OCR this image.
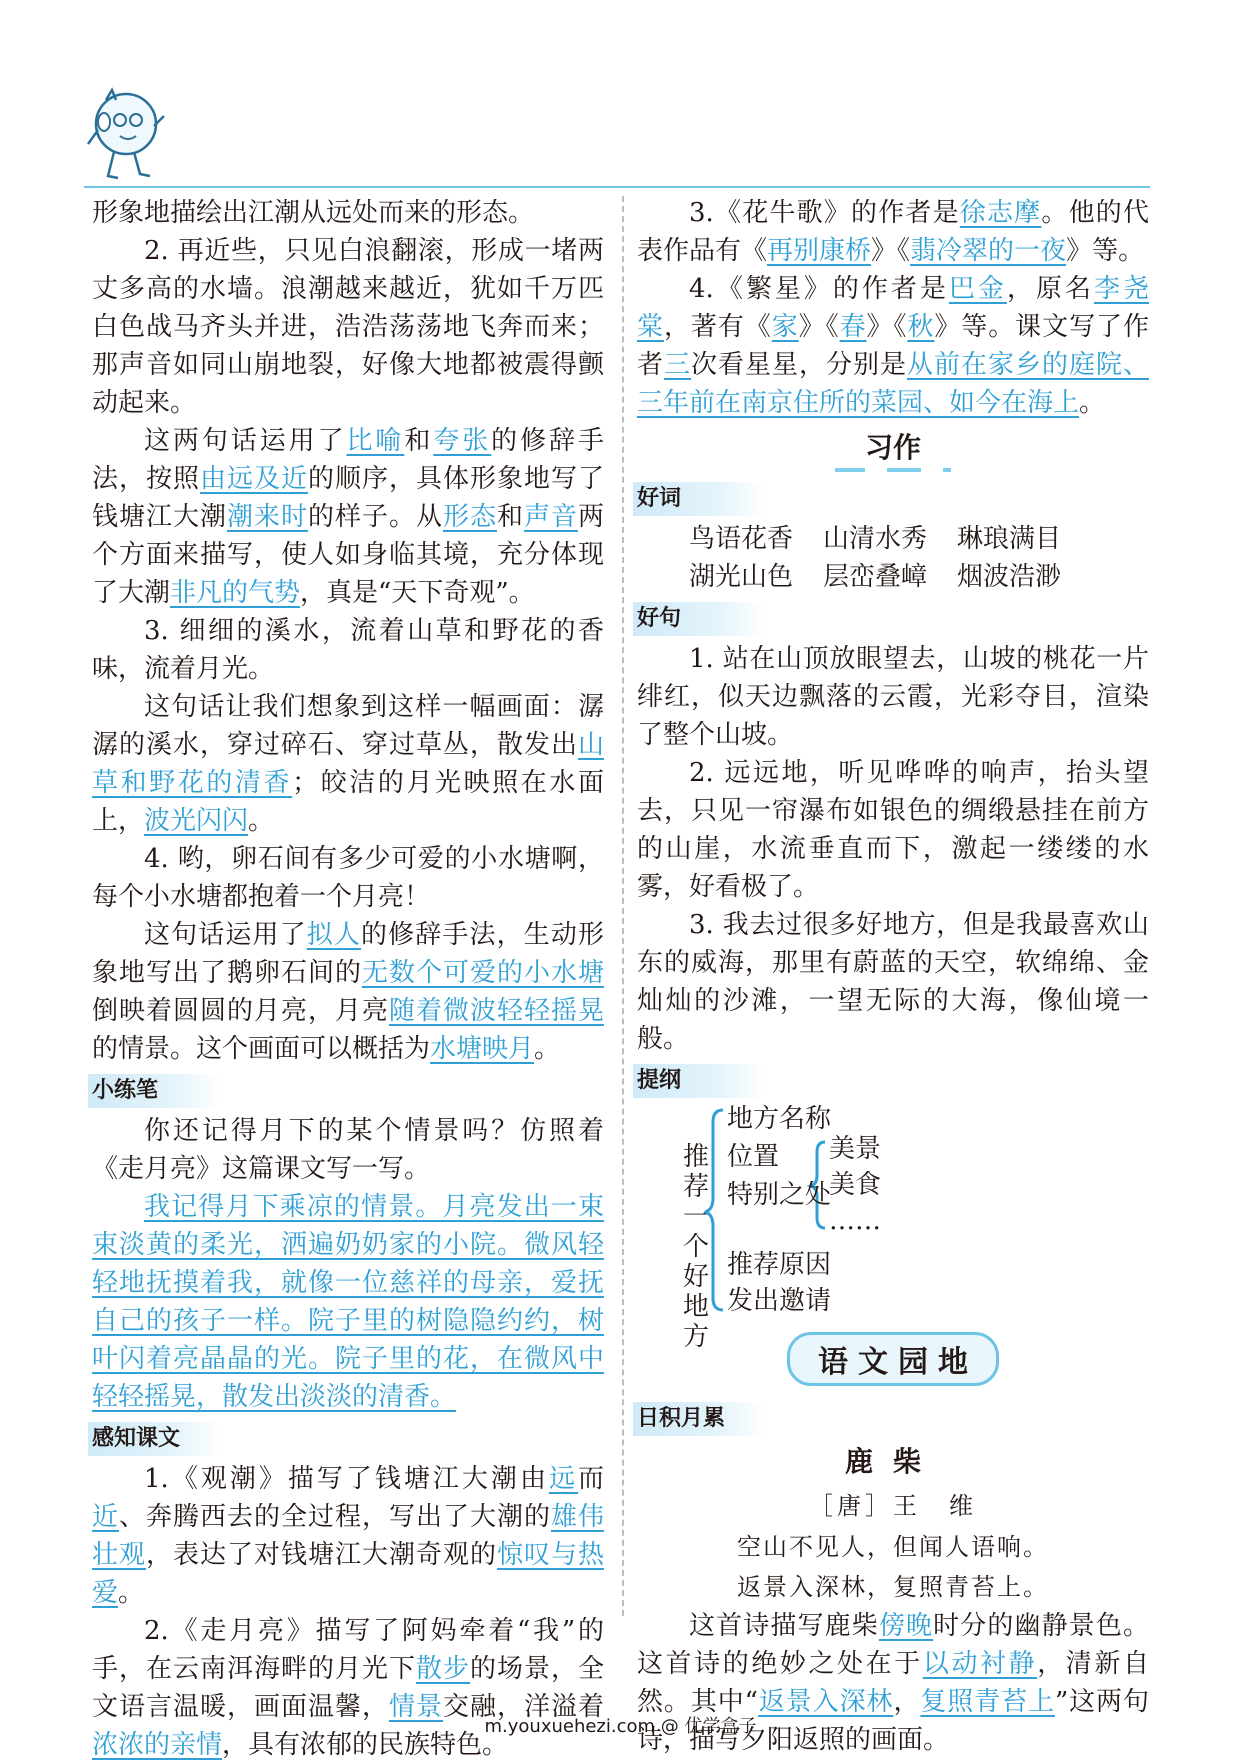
形象地描绘出江潮从远处而来的形态。

2. 再近些，只见白浪翻滚，形成一堵两丈多高的水墙。浪潮越来越近，犹如千万匹白色战马齐头并进，浩浩荡荡地飞奔而来；那声音如同山崩地裂，好像大地都被震得颤动起来。

这两句话运用了比喻和夸张的修辞手法，按照由远及近的顺序，具体形象地写了钱塘江大潮潮来时的样子。从形态和声音两个方面来描写，使人如身临其境，充分体现了大潮非凡的气势，真是“天下奇观”。

3. 细细的溪水，流着山草和野花的香味，流着月光。

这句话让我们想象到这样一幅画面：潺潺的溪水，穿过碎石、穿过草丛，散发出山草和野花的清香；皎洁的月光映照在水面上，波光闪闪。

4. 哟，卵石间有多少可爱的小水塘啊，每个小水塘都抱着一个月亮！

这句话运用了拟人的修辞手法，生动形象地写出了鹅卵石间的无数个可爱的小水塘倒映着圆圆的月亮，月亮随着微波轻轻摇晃的情景。这个画面可以概括为水塘映月。

小练笔

你还记得月下的某个情景吗？仿照着《走月亮》这篇课文写一写。

我记得月下乘凉的情景。月亮发出一束束淡黄的柔光，洒遍奶奶家的小院。微风轻轻地抚摸着我，就像一位慈祥的母亲，爱抚自己的孩子一样。院子里的树隐隐约约，树叶闪着亮晶晶的光。院子里的花，在微风中轻轻摇晃，散发出淡淡的清香。

感知课文

1.《观潮》描写了钱塘江大潮由远而近、奔腾西去的全过程，写出了大潮的雄伟壮观，表达了对钱塘江大潮奇观的惊叹与热爱。

2.《走月亮》描写了阿妈牵着“我”的手，在云南洱海畔的月光下散步的场景，全文语言温暖，画面温馨，情景交融，洋溢着浓浓的亲情，具有浓郁的民族特色。

3.《花牛歌》的作者是徐志摩。他的代表作品有《再别康桥》《翡冷翠的一夜》等。

4.《繁星》的作者是巴金，原名李尧棠，著有《家》《春》《秋》等。课文写了作者三次看星星，分别是从前在家乡的庭院、三年前在南京住所的菜园、如今在海上。

习作
好词
鸟语花香 山清水秀 琳琅满目
湖光山色 层峦叠嶂 烟波浩渺
好句

1. 站在山顶放眼望去，山坡的桃花一片绯红，似天边飘落的云霞，光彩夺目，渲染了整个山坡。

2. 远远地，听见哗哗的响声，抬头望去，只见一帘瀑布如银色的绸缎悬挂在前方的山崖，水流垂直而下，激起一缕缕的水雾，好看极了。

3. 我去过很多好地方，但是我最喜欢山东的威海，那里有蔚蓝的天空，软绵绵、金灿灿的沙滩，一望无际的大海，像仙境一般。

提纲
推荐一个好地方
地方名称
位置
特别之处
推荐原因
发出邀请
美景
美食
……
语文园地
日积月累
鹿柴
［唐］王　维

空山不见人，但闻人语响。

返景入深林，复照青苔上。

这首诗描写鹿柴傍晚时分的幽静景色。这首诗的绝妙之处在于以动衬静，清新自然。其中“返景入深林，复照青苔上”这两句诗，描写夕阳返照的画面。

m.youxuehezi.com @ 优学盒子
